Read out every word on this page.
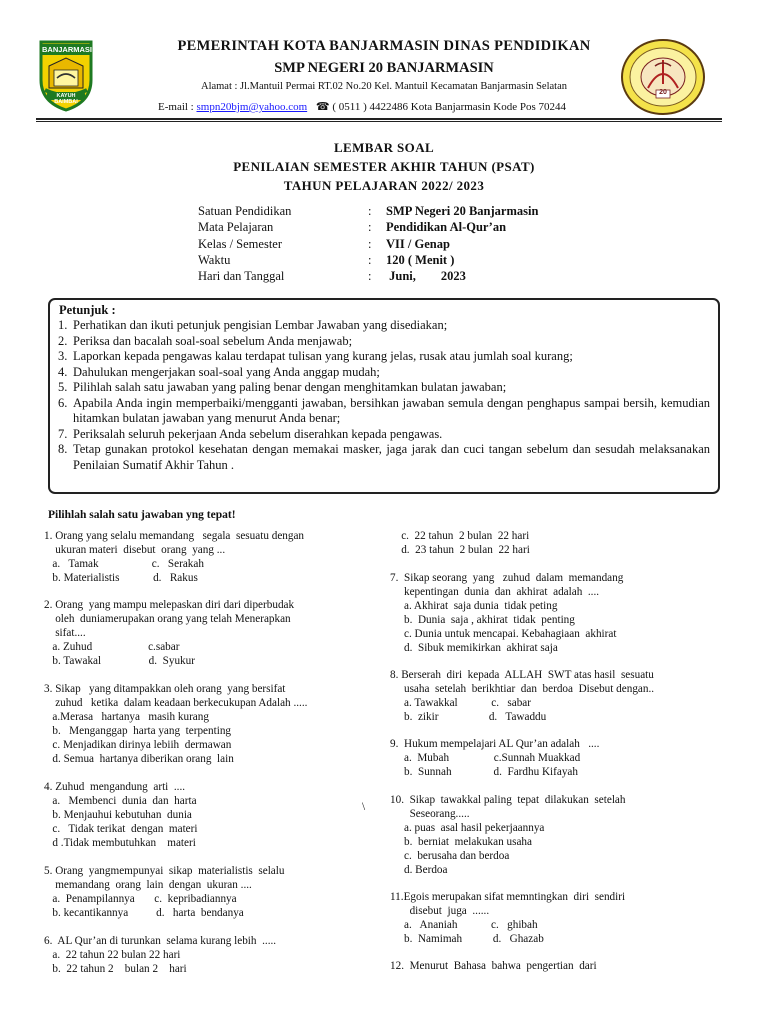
BANJARMASIN
KAYUH BAIMBAI
20
PEMERINTAH KOTA BANJARMASIN DINAS PENDIDIKAN
SMP NEGERI 20 BANJARMASIN
Alamat : Jl.Mantuil Permai RT.02 No.20 Kel. Mantuil Kecamatan Banjarmasin Selatan
E-mail : smpn20bjm@yahoo.com ☎ ( 0511 ) 4422486 Kota Banjarmasin Kode Pos 70244
LEMBAR SOAL
PENILAIAN SEMESTER AKHIR TAHUN (PSAT)
TAHUN PELAJARAN 2022/ 2023
Satuan Pendidikan	: SMP Negeri 20 Banjarmasin
Mata Pelajaran	: Pendidikan Al-Qur’an
Kelas / Semester	: VII / Genap
Waktu	: 120 ( Menit )
Hari dan Tanggal	: Juni,        2023
Petunjuk :
1. Perhatikan dan ikuti petunjuk pengisian Lembar Jawaban yang disediakan;
2. Periksa dan bacalah soal-soal sebelum Anda menjawab;
3. Laporkan kepada pengawas kalau terdapat tulisan yang kurang jelas, rusak atau jumlah soal kurang;
4. Dahulukan mengerjakan soal-soal yang Anda anggap mudah;
5. Pilihlah salah satu jawaban yang paling benar dengan menghitamkan bulatan jawaban;
6. Apabila Anda ingin memperbaiki/mengganti jawaban, bersihkan jawaban semula dengan penghapus sampai bersih, kemudian hitamkan bulatan jawaban yang menurut Anda benar;
7. Periksalah seluruh pekerjaan Anda sebelum diserahkan kepada pengawas.
8. Tetap gunakan protokol kesehatan dengan memakai masker, jaga jarak dan cuci tangan sebelum dan sesudah melaksanakan Penilaian Sumatif Akhir Tahun .
Pilihlah salah satu jawaban yng tepat!
1. Orang yang selalu memandang   segala  sesuatu dengan
ukuran materi  disebut  orang  yang ...
a.   Tamak                   c.   Serakah
b. Materialistis            d.   Rakus
2. Orang  yang mampu melepaskan diri dari diperbudak
oleh  duniamerupakan orang yang telah Menerapkan
sifat....
a. Zuhud                    c.sabar
b. Tawakal                 d.  Syukur
3. Sikap   yang ditampakkan oleh orang  yang bersifat
zuhud   ketika  dalam keadaan berkecukupan Adalah .....
a.Merasa   hartanya   masih kurang
b.   Menganggap  harta yang  terpenting
c. Menjadikan dirinya lebiih  dermawan
d. Semua  hartanya diberikan orang  lain
4. Zuhud  mengandung  arti  ....
a.   Membenci  dunia  dan  harta
b. Menjauhui kebutuhan  dunia
c.   Tidak terikat  dengan  materi
d .Tidak membutuhkan    materi
5. Orang  yangmempunyai  sikap  materialistis  selalu
memandang  orang  lain  dengan  ukuran ....
a.  Penampilannya       c.  kepribadiannya
b. kecantikannya          d.   harta  bendanya
6.  AL Qur’an di turunkan  selama kurang lebih  .....
a.  22 tahun 22 bulan 22 hari
b.  22 tahun 2    bulan 2    hari
c.  22 tahun  2 bulan  22 hari
d.  23 tahun  2 bulan  22 hari
7.  Sikap seorang  yang   zuhud  dalam  memandang
kepentingan  dunia  dan  akhirat  adalah  ....
a. Akhirat  saja dunia  tidak peting
b.  Dunia  saja , akhirat  tidak  penting
c. Dunia untuk mencapai. Kebahagiaan  akhirat
d.  Sibuk memikirkan  akhirat saja
8. Berserah  diri  kepada  ALLAH  SWT atas hasil  sesuatu
usaha  setelah  berikhtiar  dan  berdoa  Disebut dengan..
a. Tawakkal            c.   sabar
b.  zikir                  d.   Tawaddu
9.  Hukum mempelajari AL Qur’an adalah   ....
a.  Mubah                c.Sunnah Muakkad
b.  Sunnah               d.  Fardhu Kifayah
10.  Sikap  tawakkal paling  tepat  dilakukan  setelah
Seseorang.....
a. puas  asal hasil pekerjaannya
b.  berniat  melakukan usaha
c.  berusaha dan berdoa
d. Berdoa
11.Egois merupakan sifat memntingkan  diri  sendiri
disebut  juga  ......
a.   Ananiah            c.   ghibah
b.  Namimah           d.   Ghazab
12.  Menurut  Bahasa  bahwa  pengertian  dari
\
